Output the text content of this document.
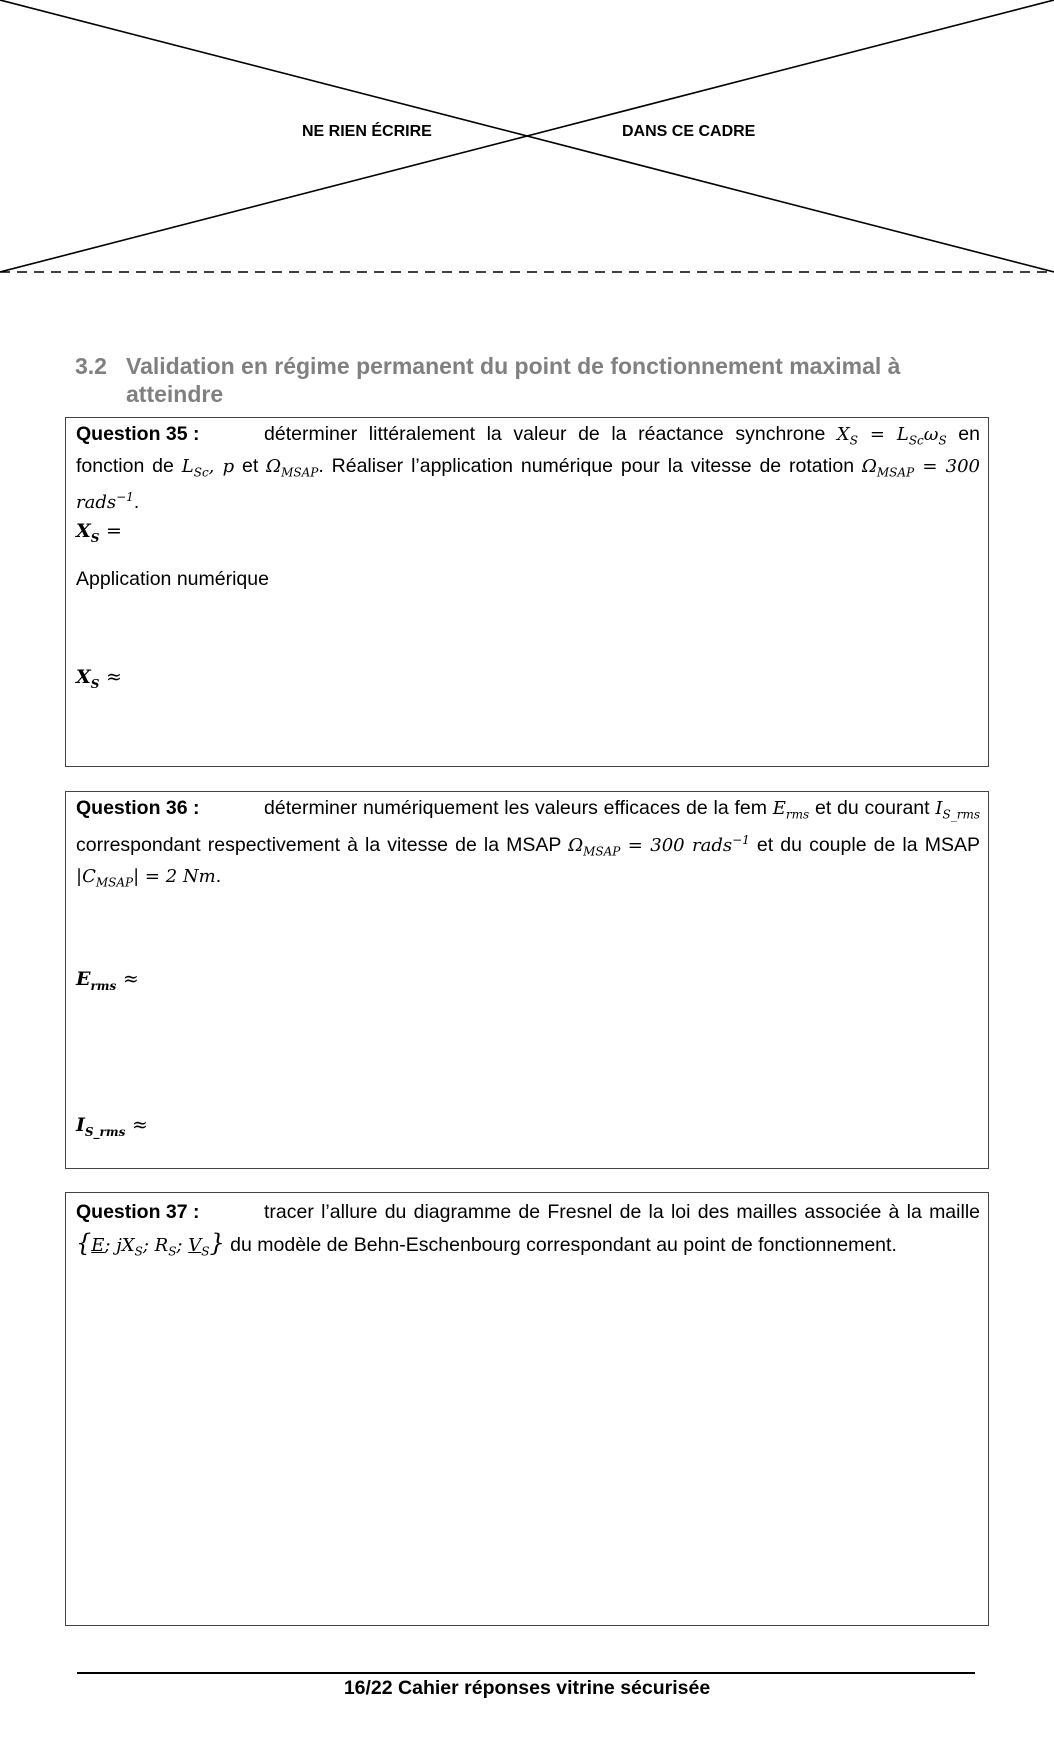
NE RIEN ÉCRIRE	DANS CE CADRE
3.2 Validation en régime permanent du point de fonctionnement maximal à atteindre
Question 35 :	déterminer littéralement la valeur de la réactance synchrone $X_S = L_{Sc}\omega_S$ en fonction de $L_{Sc}$, p et $\Omega_{MSAP}$. Réaliser l’application numérique pour la vitesse de rotation $\Omega_{MSAP} = 300$ rads$^{-1}$.
$X_S$ =
Application numérique
$X_S$ ≈
Question 36 :	déterminer numériquement les valeurs efficaces de la fem $E_{rms}$ et du courant $I_{S\_rms}$ correspondant respectivement à la vitesse de la MSAP $\Omega_{MSAP} = 300$ rads$^{-1}$ et du couple de la MSAP $|C_{MSAP}| = 2$ Nm.
$E_{rms}$ ≈
$I_{S\_rms}$ ≈
Question 37 :	tracer l’allure du diagramme de Fresnel de la loi des mailles associée à la maille {E; $jX_S$; $R_S$; $V_S$} du modèle de Behn-Eschenbourg correspondant au point de fonctionnement.
16/22 Cahier réponses vitrine sécurisée
